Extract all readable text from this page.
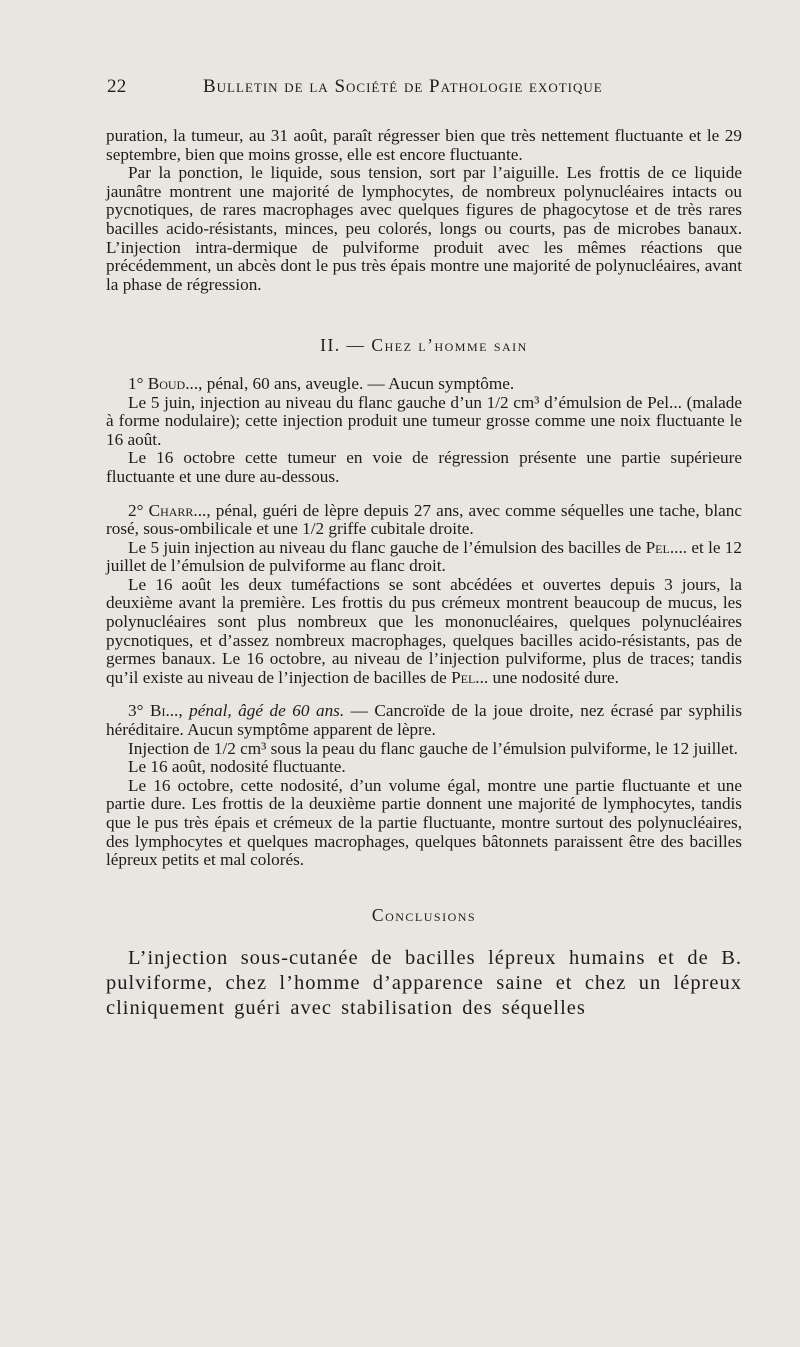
22	Bulletin de la Société de Pathologie exotique

puration, la tumeur, au 31 août, paraît régresser bien que très nettement fluctuante et le 29 septembre, bien que moins grosse, elle est encore fluctuante.

Par la ponction, le liquide, sous tension, sort par l’aiguille. Les frottis de ce liquide jaunâtre montrent une majorité de lymphocytes, de nombreux polynucléaires intacts ou pycnotiques, de rares macrophages avec quelques figures de phagocytose et de très rares bacilles acido-résistants, minces, peu colorés, longs ou courts, pas de microbes banaux. L’injection intra-dermique de pulviforme produit avec les mêmes réactions que précédemment, un abcès dont le pus très épais montre une majorité de polynucléaires, avant la phase de régression.

II. — Chez l’homme sain

1° Boud..., pénal, 60 ans, aveugle. — Aucun symptôme.

Le 5 juin, injection au niveau du flanc gauche d’un 1/2 cm³ d’émulsion de Pel... (malade à forme nodulaire); cette injection produit une tumeur grosse comme une noix fluctuante le 16 août.

Le 16 octobre cette tumeur en voie de régression présente une partie supérieure fluctuante et une dure au-dessous.

2° Charr..., pénal, guéri de lèpre depuis 27 ans, avec comme séquelles une tache, blanc rosé, sous-ombilicale et une 1/2 griffe cubitale droite.

Le 5 juin injection au niveau du flanc gauche de l’émulsion des bacilles de Pel.... et le 12 juillet de l’émulsion de pulviforme au flanc droit.

Le 16 août les deux tuméfactions se sont abcédées et ouvertes depuis 3 jours, la deuxième avant la première. Les frottis du pus crémeux montrent beaucoup de mucus, les polynucléaires sont plus nombreux que les mononucléaires, quelques polynucléaires pycnotiques, et d’assez nombreux macrophages, quelques bacilles acido-résistants, pas de germes banaux. Le 16 octobre, au niveau de l’injection pulviforme, plus de traces; tandis qu’il existe au niveau de l’injection de bacilles de Pel... une nodosité dure.

3° Bi..., pénal, âgé de 60 ans. — Cancroïde de la joue droite, nez écrasé par syphilis héréditaire. Aucun symptôme apparent de lèpre.

Injection de 1/2 cm³ sous la peau du flanc gauche de l’émulsion pulviforme, le 12 juillet.

Le 16 août, nodosité fluctuante.

Le 16 octobre, cette nodosité, d’un volume égal, montre une partie fluctuante et une partie dure. Les frottis de la deuxième partie donnent une majorité de lymphocytes, tandis que le pus très épais et crémeux de la partie fluctuante, montre surtout des polynucléaires, des lymphocytes et quelques macrophages, quelques bâtonnets paraissent être des bacilles lépreux petits et mal colorés.

Conclusions

L’injection sous-cutanée de bacilles lépreux humains et de B. pulviforme, chez l’homme d’apparence saine et chez un lépreux cliniquement guéri avec stabilisation des séquelles
